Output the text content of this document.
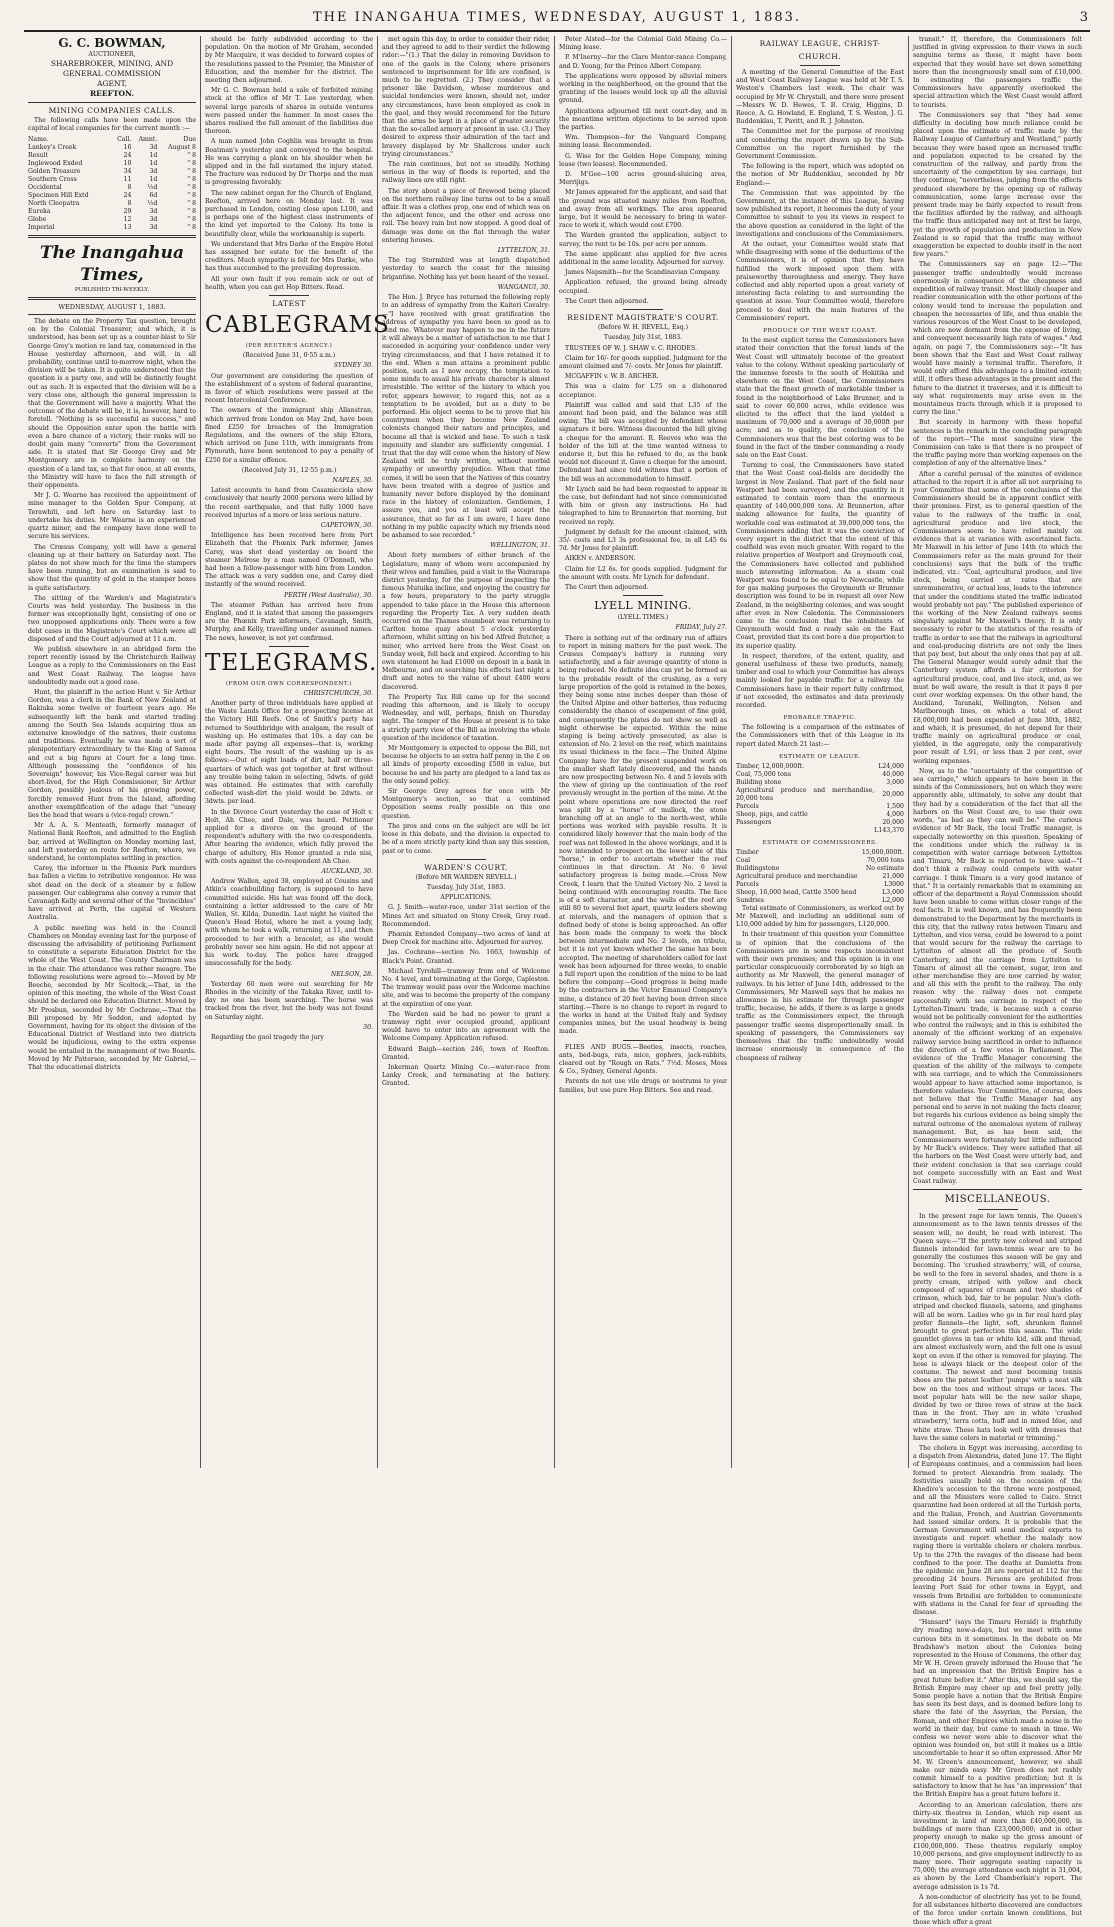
THE INANGAHUA TIMES, WEDNESDAY, AUGUST 1, 1883.	3
G. C. BOWMAN,
AUCTIONEER,
SHAREBROKER, MINING, AND
GENERAL COMMISSION
AGENT,
REEFTON.
MINING COMPANIES CALLS.

The following calls have been made upon the capital of local companies for the current month :—

Name.	Call.	Amnt.	Due
Lankey's Creek	16	3d	August 8
Result	24	1d	" 8
Inglewood Exded	10	1d	" 8
Golden Treasure	34	3d	" 8
Southern Cross	11	1d	" 8
Occidental	8	½d	" 8
Specimen Hill Extd	24	6d	" 8
North Cleopatra	8	½d	" 8
Eureka	29	3d	" 8
Globe	12	3d	" 8
Imperial	13	3d	" 8
The Inangahua Times,
PUBLISHED TRI-WEEKLY.
WEDNESDAY, AUGUST 1, 1883.

The debate on the Property Tax question, brought on by the Colonial Treasurer, and which, it is understood, has been set up as a counter-blast to Sir George Grey's motion re land tax, commenced in the House yesterday afternoon, and will, in all probability, continue until to-morrow night, when the division will be taken. It is quite understood that the question is a party one, and will be distinctly fought out as such. It is expected that the division will be a very close one, although the general impression is that the Government will have a majority. What the outcome of the debate will be, it is, however, hard to foretell. "Nothing is so successful as success," and should the Opposition enter upon the battle with even a bare chance of a victory, their ranks will no doubt gain many "converts" from the Government side. It is stated that Sir George Grey and Mr Montgomery are in complete harmony on the question of a land tax, so that for once, at all events, the Ministry will have to face the full strength of their opponents.

Mr J. G. Wearne has received the appointment of mine manager to the Golden Spur Company, at Terawhiti, and left here on Saturday last to undertake his duties. Mr Wearne is an experienced quartz miner, and the company have done well to secure his services.

The Crœsus Company, yelt will have a general cleaning up at their battery on Saturday next. The plates do not show much for the time the stampers have been running, but an examination is said to show that the quantity of gold in the stamper boxes is quite satisfactory.

The sitting of the Warden's and Magistrate's Courts was held yesterday. The business in the former was exceptionally light, consisting of one or two unopposed applications only. There were a few debt cases in the Magistrate's Court which were all disposed of and the Court adjourned at 11 a.m.

We publish elsewhere in an abridged form the report recently issued by the Christchurch Railway League as a reply to the Commissioners on the East and West Coast Railway. The league have undoubtedly made out a good case.

Hunt, the plaintiff in the action Hunt v. Sir Arthur Gordon, was a clerk in the Bank of New Zealand at Rakiuka some twelve or fourteen years ago. He subsequently left the bank and started trading among the South Sea Islands acquiring thus an extensive knowledge of the natives, their customs and traditions. Eventually he was made a sort of plenipotentiary extraordinary to the King of Samoa and cut a big figure at Court for a long time. Although possessing the "confidence of his Sovereign" however, his Vice-Regal career was but short-lived, for the High Commissioner, Sir Arthur Gordon, possibly jealous of his growing power, forcibly removed Hunt from the Island, affording another exemplification of the adage that "uneasy lies the head that wears a (vice-regal) crown."

Mr A. A. S. Menteath, formerly manager of National Bank Reefton, and admitted to the English bar, arrived at Wellington on Monday morning last, and left yesterday en route for Reefton, where, we understand, he contemplates settling in practice.

Carey, the informer in the Phœnix Park murders has fallen a victim to retributive vengeance. He was shot dead on the deck of a steamer by a fellow passenger. Our cablegrams also convey a rumor that Cavanagh Kelly and several other of the "Invincibles" have arrived at Perth, the capital of Western Australia.

A public meeting was held in the Council Chambers on Monday evening last for the purpose of discussing the advisability of petitioning Parliament to constitute a separate Education District for the whole of the West Coast. The County Chairman was in the chair. The attendance was rather meagre. The following resolutions were agreed to:—Moved by Mr Beeche, seconded by Mr Scoltock,—That, in the opinion of this meeting, the whole of the West Coast should be declared one Education District. Moved by Mr Prosbun, seconded by Mr Cochrane,—That the Bill proposed by Mr Seddon, and adopted by Government, having for its object the division of the Educational District of Westland into two districts would be injudicious, owing to the extra expense would be entailed in the management of two Boards. Moved by Mr Patterson, seconded by Mr Gabriel,—That the educational districts

should be fairly subdivided according to the population. On the motion of Mr Graham, seconded by Mr Macquire, it was decided to forward copies of the resolutions passed to the Premier, the Minister of Education, and the member for the district. The meeting then adjourned.

Mr G. C. Bowman held a sale of forfeited mining stock at the office of Mr T. Lee yesterday, when several large parcels of shares in outside ventures were passed under the hammer. In most cases the shares realised the full amount of the liabilities due thereon.

A man named John Coghlin was brought in from Boatman's yesterday and conveyed to the hospital. He was carrying a plank on his shoulder when he slipped and in the fall sustained the injury stated. The fracture was reduced by Dr Thorpe and the man is progressing favorably.

The new cabinet organ for the Church of England, Reefton, arrived here on Monday last. It was purchased in London, costing close upon L100, and is perhaps one of the highest class instruments of the kind yet imported to the Colony. Its tone is beautifully clear, while the workmanship is superb.

We understand that Mrs Darke of the Empire Hotel has assigned her estate for the benefit of the creditors. Much sympathy is felt for Mrs Darke, who has thus succumbed to the prevailing depression.

All your own fault if you remain sick or out of health, when you can get Hop Bitters. Read.

LATEST
CABLEGRAMS
(PER REUTER'S AGENCY.)

(Received June 31, 0·55 a.m.)

SYDNEY 30.

Our government are considering the question of the establishment of a system of federal quarantine, in favor of which resolutions were passed at the recent Intercolonial Conference.

The owners of the immigrant ship Allanstran, which arrived from London on May 2nd, have been fined £250 for breaches of the Immigration Regulations, and the owners of the ship Eltora, which arrived on June 11th, with immigrants from Plymouth, have been sentenced to pay a penalty of £250 for a similar offence.

(Received July 31, 12·55 p.m.)

NAPLES, 30.

Latest accounts to hand from Casamicciola show conclusively that nearly 2000 persons were killed by the recent earthquake, and that fully 1000 have received injuries of a more or less serious nature.

CAPETOWN, 30.

Intelligence has been received here from Port Elizabeth that the Phœnix Park informer, James Carey, was shot dead yesterday on board the steamer Melrose by a man named O'Donnell, who had been a fellow-passenger with him from London. The attack was a very sudden one, and Carey died instantly of the wound received.

PERTH (West Australia), 30.

The steamer Pathan has arrived here from England, and it is stated that among the passengers are the Phœnix Park informers, Cavanagh, Smith, Murphy, and Kelly, travelling under assumed names. The news, however, is not yet confirmed.

TELEGRAMS.
(FROM OUR OWN CORRESPONDENT.)

CHRISTCHURCH, 30.

Another party of three individuals have applied at the Waste Lands Office for a prospecting license at the Victory Hill Reefs. One of Smith's party has returned to Southbridge with analgam, the result of washing up. He estimates that 10s. a day can be made after paying all expenses—that is, working eight hours. The result of the washing up is as follows:—Out of eight loads of dirt, half or three-quarters of which was got together at first without any trouble being taken in selecting, 5dwts. of gold was obtained. He estimates that with carefully collected wash-dirt the yield would be 2dwts. or 3dwts. per load.

In the Divorce Court yesterday the case of Holt v. Holt, Ah Chee, and Dale, was heard. Petitioner applied for a divorce on the ground of the respondent's adultery with the two co-respondents. After hearing the evidence, which fully proved the charge of adultery, His Honor granted a rule nisi, with costs against the co-respondent Ah Chee.

AUCKLAND, 30.

Andrew Wallen, aged 38, employed at Cousins and Atkin's coachbuilding factory, is supposed to have committed suicide. His hat was found off the dock, containing a letter addressed to the care of Mr Wallen, St. Kilda, Dunedin. Last night he visited the Queen's Head Hotel, where he met a young lady, with whom he took a walk, returning at 11, and then proceeded to her with a bracelet, as she would probably never see him again. He did not appear at his work to-day. The police have dragged unsuccessfully for the body.

NELSON, 28.

Yesterday 60 men were out searching for Mr Rhodes in the vicinity of the Takaka River, until to-day no one has been searching. The horse was tracked from the river, but the body was not found on Saturday night.

30.

Regarding the gaol tragedy the jury

met again this day, in order to consider their rider, and they agreed to add to their verdict the following rider:—"(1.) That the delay in removing Davidson to one of the gaols in the Colony, where prisoners sentenced to imprisonment for life are confined, is much to be regretted. (2.) They consider that a prisoner like Davidson, whose murderous and suicidal tendencies were known, should not, under any circumstances, have been employed as cook in the gaol, and they would recommend for the future that the arms be kept in a place of greater security than the so-called armory at present in use. (3.) They desired to express their admiration of the tact and bravery displayed by Mr Shallcross under such trying circumstances."

The rain continues, but not so steadily. Nothing serious in the way of floods is reported, and the railway lines are still right.

The story about a piece of firewood being placed on the northern railway line turns out to be a small affair. It was a clothes prop, one end of which was on the adjacent fence, and the other end across one rail. The heavy rain but now stopped. A good deal of damage was done on the flat through the water entering houses.

LYTTELTON, 31.

The tug Stormbird was at length dispatched yesterday to search the coast for the missing brigantine. Nothing has yet been heard of the vessel.

WANGANUI, 30.

The Hon. J. Bryce has returned the following reply to an address of sympathy from the Kaiteri Cavalry:—"I have received with great gratification the address of sympathy you have been so good as to send me. Whatever may happen to me in the future it will always be a matter of satisfaction to me that I succeeded in acquiring your confidence under very trying circumstances, and that I have retained it to the end. When a man attains a prominent public position, such as I now occupy, the temptation to some minds to assail his private character is almost irresistible. The writer of the history to which you refer, appears however, to regard this, not as a temptation to be avoided, but as a duty to be performed. His object seems to be to prove that his countrymen when they become New Zealand colonists changed their nature and principles, and became all that is wicked and base. To such a task ingenuity and slander are sufficiently congenial. I trust that the day will come when the history of New Zealand will be truly written, without morbid sympathy or unworthy prejudice. When that time comes, it will be seen that the Natives of this country have been treated with a degree of justice and humanity never before displayed by the dominant race in the history of colonization. Gentlemen, I assure you, and you at least will accept the assurance, that so far as I am aware, I have done nothing in my public capacity which my friends need be ashamed to see recorded."

WELLINGTON, 31.

About forty members of either branch of the Legislature, many of whom were accompanied by their wives and families, paid a visit to the Wairarapa district yesterday, for the purpose of inspecting the famous Mutuika incline, and enjoying the country for a few hours, preparatory to the party struggle appended to take place in the House this afternoon regarding the Property Tax. A very sudden death occurred on the Thames steamboat was returning to Carlton home quay about 5 o'clock yesterday afternoon, whilst sitting on his bed Alfred Butcher, a miner, who arrived here from the West Coast on Sunday week, fell back and expired. According to his own statement he had £1000 on deposit in a bank in Melbourne, and on searching his effects last night a draft and notes to the value of about £400 were discovered.

The Property Tax Bill came up for the second reading this afternoon, and is likely to occupy Wednesday, and will, perhaps, finish on Thursday night. The temper of the House at present is to take a strictly party view of the Bill as involving the whole question of the incidence of taxation.

Mr Montgomery is expected to oppose the Bill, not because he objects to an extra half penny in the £ on all kinds of property exceeding £500 in value, but because he and his party are pledged to a land tax as the only sound policy.

Sir George Grey agrees for once with Mr Montgomery's section, so that a combined Opposition seems really possible on this one question.

The pros and cons on the subject are will be let loose in this debate, and the division is expected to be of a more strictly party kind than any this session, past or to come.

WARDEN'S COURT.

(Before MR WARDEN REVELL.)

Tuesday, July 31st, 1883.

APPLICATIONS.

G. J. Smith—water-race, under 31st section of the Mines Act and situated on Stony Creek, Grey road. Recommended.

Phœnix Extended Company—two acres of land at Deep Creek for machine site. Adjourned for survey.

Jas. Cochrane—section No. 1663, township of Black's Point. Granted.

Michael Tyrohill—tramway from end of Welcome No. 4 level, and terminating at the Gorge, Capleston. The tramway would pass over the Welcome machine site, and was to become the property of the company at the expiration of one year.

The Warden said he had no power to grant a tramway right over occupied ground, applicant would have to enter into an agreement with the Welcome Company. Application refused.

Edward Baigh—section 246, town of Reefton. Granted.

Inkerman Quartz Mining Co.—water-race from Lanky Creek, and terminating at the battery. Granted.

Peter Alsted—for the Colonial Gold Mining Co.—Mining lease.

P. M'Inerny—for the Clare Mentor-rance Company, and D. Young, for the Prince Albert Company.

The applications were opposed by alluvial miners working in the neighborhood, on the ground that the granting of the leases would lock up all the alluvial ground.

Applications adjourned till next court-day, and in the meantime written objections to be served upon the parties.

Wm. Thompson—for the Vanguard Company, mining lease. Recommended.

G. Wise for the Golden Hope Company, mining lease (two leases). Recommended.

D. M'Gee—100 acres ground-sluicing area, Merrijigs.

Mr James appeared for the applicant, and said that the ground was situated many miles from Reefton, and away from all workings. The area appeared large, but it would be necessary to bring in water-race to work it, which would cost £700.

The Warden granted the application, subject to survey, the rent to be 10s. per acre per annum.

The same applicant also applied for five acres additional in the same locality. Adjourned for survey.

James Napsmith—for the Scandinavian Company.

Application refused, the ground being already occupied.

The Court then adjourned.

RESIDENT MAGISTRATE'S COURT.

(Before W. H. REVELL, Esq.)

Tuesday, July 31st, 1883.

TRUSTEES OF W. J. SHAW v. C. RHODES.

Claim for 16/- for goods supplied. Judgment for the amount claimed and 7/- costs. Mr Jones for plaintiff.

MCGAFFIN v. W. B. ARCHER.

This was a claim for L75 on a dishonored acceptance.

Plaintiff was called and said that L35 of the amount had been paid, and the balance was still owing. The bill was accepted by defendant whose signature it bore. Witness discounted the bill giving a cheque for the amount. R. Reeves who was the holder of the bill at the time wanted witness to endorse it, but this he refused to do, as the bank would not discount it. Gave a cheque for the amount. Defendant had since told witness that a portion of the bill was an accommodation to himself.

Mr Lynch said he had been requested to appear in the case, but defendant had not since communicated with him or given any instructions. He had telegraphed to him to Brunnerton that morning, but received no reply.

Judgment by default for the amount claimed, with 35/- costs and L3 3s professional fee, in all L45 6s 7d. Mr Jones for plaintiff.

AIKEN v. ANDERSON.

Claim for L2 6s. for goods supplied. Judgment for the amount with costs. Mr Lynch for defendant.

The Court then adjourned.

LYELL MINING.

(LYELL TIMES.)

FRIDAY, July 27.

There is nothing out of the ordinary run of affairs to report in mining matters for the past week. The Crœsus Company's battery is running very satisfactorily, and a fair average quantity of stone is being reduced. No definite idea can yet be formed as to the probable result of the crushing, as a very large proportion of the gold is retained in the boxes, they being some nine inches deeper than those of the United Alpine and other batteries, thus reducing considerably the chance of escapement of fine gold, and consequently the plates do not show so well as might otherwise be expected. Within the mine stoping is being actively prosecuted, as also is extension of No. 2 level on the reef, which maintains its usual thickness in the face.—The United Alpine Company have for the present suspended work on the smaller shaft lately discovered, and the hands are now prospecting between No. 4 and 5 levels with the view of giving up the continuation of the reef previously wrought in the portion of the mine. At the point where operations are now directed the reef was split by a "horse" of mullock, the stone branching off at an angle to the north-west, while portions was worked with payable results. It is considered likely however that the main body of the reef was not followed in the above workings, and it is now intended to prospect on the lower side of this "horse," in order to ascertain whether the reef continues in that direction. At No. 6 level satisfactory progress is being made.—Cross New Creek, I learn that the United Victory No. 2 level is being continued with encouraging results. The face is of a soft character, and the walls of the reef are still 80 to several feet apart, quartz leaders showing at intervals, and the managers of opinion that a defined body of stone is being approached. An offer has been made the company to work the block between intermediate and No. 2 levels, on tribute, but it is not yet known whether the same has been accepted. The meeting of shareholders called for last week has been adjourned for three weeks, to enable a full report upon the condition of the mine to be laid before the company.—Good progress is being made by the contractors in the Victor Emanuel Company's mine, a distance of 20 feet having been driven since starting.—There is no change to report in regard to the works in hand at the United Italy and Sydney companies mines, but the usual headway is being made.

FLIES AND BUGS.—Beetles, insects, roaches, ants, bed-bugs, rats, mice, gophers, jack-rabbits, cleared out by "Rough on Rats." 7½d. Moses, Moss & Co., Sydney, General Agents.

Parents do not use vile drugs or nostrums to your families, but use pure Hop Bitters. See and read.

RAILWAY LEAGUE, CHRIST-
CHURCH.

A meeting of the General Committee of the East and West Coast Railway League was held at Mr T. S. Weston's Chambers last week. The chair was occupied by Mr W. Chrystall, and there were present—Messrs W. D. Hewes, T. B. Craig, Higgins, D. Reece, A. G. Howland, E. England, T. S. Weston, J. G. Ruddenklau, T. Pavitt, and R. J. Johnston.

The Committee met for the purpose of receiving and considering the report drawn up by the Sub-Committee on the report furnished by the Government Commission.

The following is the report, which was adopted on the motion of Mr Ruddenklau, seconded by Mr England:—

The Commission that was appointed by the Government, at the instance of this League, having now published its report, it becomes the duty of your Committee to submit to you its views in respect to the above question as considered in the light of the investigations and conclusions of the Commissioners.

At the outset, your Committee would state that while disagreeing with some of the deductions of the Commissioners, it is of opinion that they have fulfilled the work imposed upon them with praiseworthy thoroughness and energy. They have collected and ably reported upon a great variety of interesting facts relating to and surrounding the question at issue. Your Committee would, therefore proceed to deal with the main features of the Commissioners' report.

PRODUCE OF THE WEST COAST.

In the most explicit terms the Commissioners have stated their conviction that the forest lands of the West Coast will ultimately become of the greatest value to the colony. Without speaking particularly of the immense forests to the south of Hokitika and elsewhere on the West Coast, the Commissioners state that the finest growth of marketable timber is found in the neighborhood of Lake Brunner, and is said to cover 60,000 acres, while evidence was elicited to the effect that the land yielded a maximum of 70,000 and a average of 30,000ft per acre; and as to quality, the conclusion of the Commissioners was that the best coloring was to be found in the fact of the timber commanding a ready sale on the East Coast.

Turning to coal, the Commissioners have stated that the West Coast coal-fields are decidedly the largest in New Zealand. That part of the field near Westport had been surveyed, and the quantity in it estimated to contain more than the enormous quantity of 140,000,000 tons. At Brunnerton, after making allowance for faults, the quantity of workable coal was estimated at 39,000,000 tons, the Commissioners adding that it was the conviction of every expert in the district that the extent of this coalfield was even much greater. With regard to the relative properties of Westport and Greymouth coal, the Commissioners have collected and published much interesting information. As a steam coal Westport was found to be equal to Newcastle, while for gas making purposes the Greymouth or Brunner description was found to be in request all over New Zealand, in the neighboring colonies, and was sought after even in New Caledonia. The Commissioners came to the conclusion that the inhabitants of Greymouth would find a ready sale on the East Coast, provided that its cost bore a due proportion to its superior quality.

In respect, therefore, of the extent, quality, and general usefulness of these two products, namely, timber and coal to which your Committee has always mainly looked for payable traffic for a railway the Commissioners have in their report fully confirmed, if not exceeded, the estimates and data previously recorded.

PROBABLE TRAFFIC.

The following is a comparison of the estimates of the Commissioners with that of this League in its report dated March 21 last:—

ESTIMATE OF LEAGUE.
Timber, 12,000,000ft.	L24,000
Coal, 75,000 tons	40,000
Building stone	3,000
Agricultural produce and merchandise, 20,000 tons	20,000
Parcels	1,500
Sheep, pigs, and cattle	4,000
Passengers	20,000
	L143,370
ESTIMATE OF COMMISSIONERS.
Timber	15,000,000ft.
Coal	70,000 tons
Buildingstone	No estimate
Agricultural produce and merchandise	21,000
Parcels	L3000
Sheep, 16,000 head, Cattle 3500 head	L3,000
Sundries	L2,000

Total estimate of Commissioners, as worked out by Mr Maxwell, and including an additional sum of L10,000 added by him for passengers, L120,000.

In their treatment of this question your Committee is of opinion that the conclusions of the Commissioners are in some respects inconsistent with their own premises; and this opinion is in one particular conspicuously corroborated by so high an authority as Mr Maxwell, the general manager of railways. In his letter of June 14th, addressed to the Commissioners, Mr Maxwell says that he makes no allowance in his estimate for through passenger traffic, because, he adds, if there is as large a goods traffic as the Commissioners expect, the through passenger traffic seems disproportionally small. In speaking of passengers, the Commissioners say themselves that the traffic undoubtedly would increase enormously in consequence of the cheapness of railway

transit." If, therefore, the Commissioners felt justified in giving expression to their views in such sanguine terms as these, it might have been expected that they would have set down something more than the incongruously small sum of £10,000. In estimating the passengers traffic the Commissioners have apparently overlooked the special attraction which the West Coast would afford to tourists.

The Commissioners say that "they had some difficulty in deciding how much reliance could be placed upon the estimate of traffic made by the Railway League of Canterbury and Westland," partly because they were based upon an increased traffic and population expected to be created by the construction of the railway, and partly from the uncertainty of the competition by sea carriage, but they continue, "nevertheless, judging from the effects produced elsewhere by the opening up of railway communication, some large increase over the present trade may be fairly expected to result from the facilities afforded by the railway, and although the traffic thus anticipated may not at first be large, yet the growth of population and production in New Zealand is so rapid that the traffic may without exaggeration be expected to double itself in the next few years."

The Commissioners say on page 12:—"The passenger traffic undoubtedly would increase enormously in consequence of the cheapness and expedition of railway transit. Most likely cheaper and readier communication with the other portions of the colony would tend to increase the population and cheapen the necessaries of life, and thus enable the various resources of the West Coast to be developed, which are now dormant from the expense of living, and consequent necessarily high rate of wages." And again, on page 7, the Commissioners say:—"It has been shown that the East and West Coast railway would have mainly a terminal traffic. Therefore, it would only afford this advantage to a limited extent; still, it offers these advantages in the present and the future to the district it traverses, and it is difficult to say what requirements may arise even in the mountainous tracts through which it is proposed to carry the line."

But scarcely in harmony with these hopeful sentences is the remark in the concluding paragraph of the report—"The most sanguine view the Commission can take is that there is no prospect of the traffic paying more than working expenses on the completion of any of the alternative lines."

After a careful perusal of the minutes of evidence attached to the report it is after all not surprising to your Committee that some of the conclusions of the Commissioners should be in apparent conflict with their premises. First, as to general question of the value to the railways of the traffic in coal, agricultural produce and live stock, the Commissioners seem to have relied mainly on evidence that is at variance with ascertained facts. Mr Maxwell in his letter of June 14th (to which the Commissioners refer as the main ground for their conclusions) says that the bulk of the traffic indicated, viz.: "Coal, agricultural produce, and live stock, being carried at rates that are unremunerative, or actual loss, leads to the inference that under the conditions stated the traffic indicated would probably not pay." The published experience of the working of the New Zealand railways seems singularly against Mr Maxwell's theory. It is only necessary to refer to the statistics of the results of traffic in order to see that the railways in agricultural and coal-producing districts are not only the lines that pay best, but about the only ones that pay at all. The General Manager would surely admit that the Canterbury system affords a fair criterion for agricultural produce, coal, and live stock, and, as we must be well aware, the result is that it pays 8 per cent over working expenses. On the other hand, the Auckland, Taranaki, Wellington, Nelson and Marlborough lines, on which a total of about £8,000,000 had been expended at June 30th, 1882, and which, it is presumed, do not depend for their traffic mainly on agricultural produce or coal, yielded, in the aggregate, only the comparatively poor result of 1.91, or less than 2 per cent, over working expenses.

Now, as to the "uncertainty of the competition of sea carriage," which appears to have been in the minds of the Commissioners, but on which they were apparently able, ultimately, to solve any doubt that they had by a consideration of the fact that all the harbors on the West Coast are, to use their own words, "as bad as they can well be." The curious evidence of Mr Back, the local Traffic manager, is especially noteworthy on this question. Speaking of the conditions under which the railway is in competition with water carriage between Lyttelton and Timaru, Mr Back is reported to have said—"I don't think a railway could compete with water carriage. I think Timaru is a very good instance of that." It is certainly remarkable that in examining an officer of the department a Royal Commission should have been unable to come within closer range of the real facts. It is well known, and has frequently been demonstrated to the Department by the merchants in this city, that the railway rates between Timaru and Lyttelton, and vice versa, could be lowered to a point that would secure for the railway the carriage to Lyttelton of almost all the produce of South Canterbury, and the carriage from Lyttelton to Timaru of almost all the cement, sugar, iron and other merchandise they are now carried by water, and all this with the profit to the railway. The only reason why the railway does not compete successfully with sea carriage in respect of the Lyttelton-Timaru trade, is because such a course would not be politically convenient for the authorities who control the railways; and in this is exhibited the anomaly of the efficient working of an expensive railway service being sacrificed in order to influence the direction of a few votes in Parliament. The evidence of the Traffic Manager concerning the question of the ability of the railways to compete with sea carriage, and to which the Commissioners would appear to have attached some importance, is therefore valueless. Your Committee, of course, does not believe that the Traffic Manager had any personal end to serve in not making the facts clearer, but regards his curious evidence as being simply the natural outcome of the anomalous system of railway management. But, as has been said, the Commissioners were fortunately but little influenced by Mr Back's evidence. They were satisfied that all the harbors on the West Coast were utterly bad, and their evident conclusion is that sea carriage could not compete successfully with an East and West Coast railway.

MISCELLANEOUS.

In the present rage for lawn tennis, The Queen's announcement as to the lawn tennis dresses of the season will, no doubt, be read with interest. The Queen says:—"If the pretty new colored and striped flannels intended for lawn-tennis wear are to be generally the costumes this season will be gay and becoming. The 'crushed strawberry,' will, of course, be well to the fore in several shades, and there is a pretty cream, striped with yellow and check composed of squares of cream and two shades of crimson, which bid, fair to be popular. Nun's cloth-striped and checked flannels, sateens, and ginghams will all be worn. Ladies who go in for real hard play prefer flannels—the light, soft, shrunken flannel brought to great perfection this season. The wide gauntlet gloves in tan or white kid, silk and thread, are almost exclusively worn, and the felt one is usual kept on even if the other is removed for playing. The hose is always black or the deepest color of the costume. The newest and most becoming tennis shoes are the patent leather 'pumps' with a neat silk bow on the toes and without straps or laces. The most popular hats will be the new sailor shape, divided by two or three rows of straw at the back than in the front. They are in white 'crushed strawberry,' terra cotta, buff and in mixed blue, and white straw. These hats look well with dresses that have the same colors in material or trimming."

The cholera in Egypt was increasing, according to a dispatch from Alexandria, dated June 17. The flight of Europeans continues, and a commission had been formed to protect Alexandria from malady. The festivities usually held on the occasion of the Khedive's accession to the throne were postponed, and all the Ministers were called to Cairo. Strict quarantine had been ordered at all the Turkish ports, and the Italian, French, and Austrian Governments had issued similar orders. It is probable that the German Government will send medical experts to investigate and report whether the malady now raging there is veritable cholera or cholera morbus. Up to the 27th the ravages of the disease had been confined to the poor. The deaths at Damietta from the epidemic on June 28 are reported at 112 for the preceding 24 hours. Persons are prohibited from leaving Port Said for other towns in Egypt, and vessels from Brindisi are forbidden to communicate with stations in the Canal for fear of spreading the disease.

"Hansard" (says the Timaru Herald) is frightfully dry reading now-a-days, but we meet with some curious bits in it sometimes. In the debate on Mr Bradshaw's motion about the Colonies being represented in the House of Commons, the other day, Mr W. H. Green gravely informed the House that "he had an impression that the British Empire has a great future before it." After this, we should say, the British Empire may cheer up and feel pretty jolly. Some people have a notion that the British Empire has seen its best days, and is doomed before long to share the fate of the Assyrian, the Persian, the Roman, and other Empires which made a noise in the world in their day, but came to smash in time. We confess we never were able to discover what the opinion was founded on, but still it makes us a little uncomfortable to hear it so often expressed. After Mr M. W. Green's announcement, however, we shall make our minds easy. Mr Green does not rashly commit himself to a positive prediction; but it is satisfactory to know that he has "an impression" that the British Empire has a great future before it.

According to an American calculation, there are thirty-six theatres in London, which rep esent an investment in land of more than £40,000,000, in buildings of more than £23,000,000; and in other property enough to make up the gross amount of £100,000,000. These theatres regularly employ 10,000 persons, and give employment indirectly to as many more. Their aggregate seating capacity is 75,000; the average attendance each night is 31,004, as shown by the Lord Chamberlain's report. The average admission is 1s 7d.

A non-conductor of electricity has yet to be found, for all substances hitherto discovered are conductors of the force under certain known conditions, but those which offer a great
